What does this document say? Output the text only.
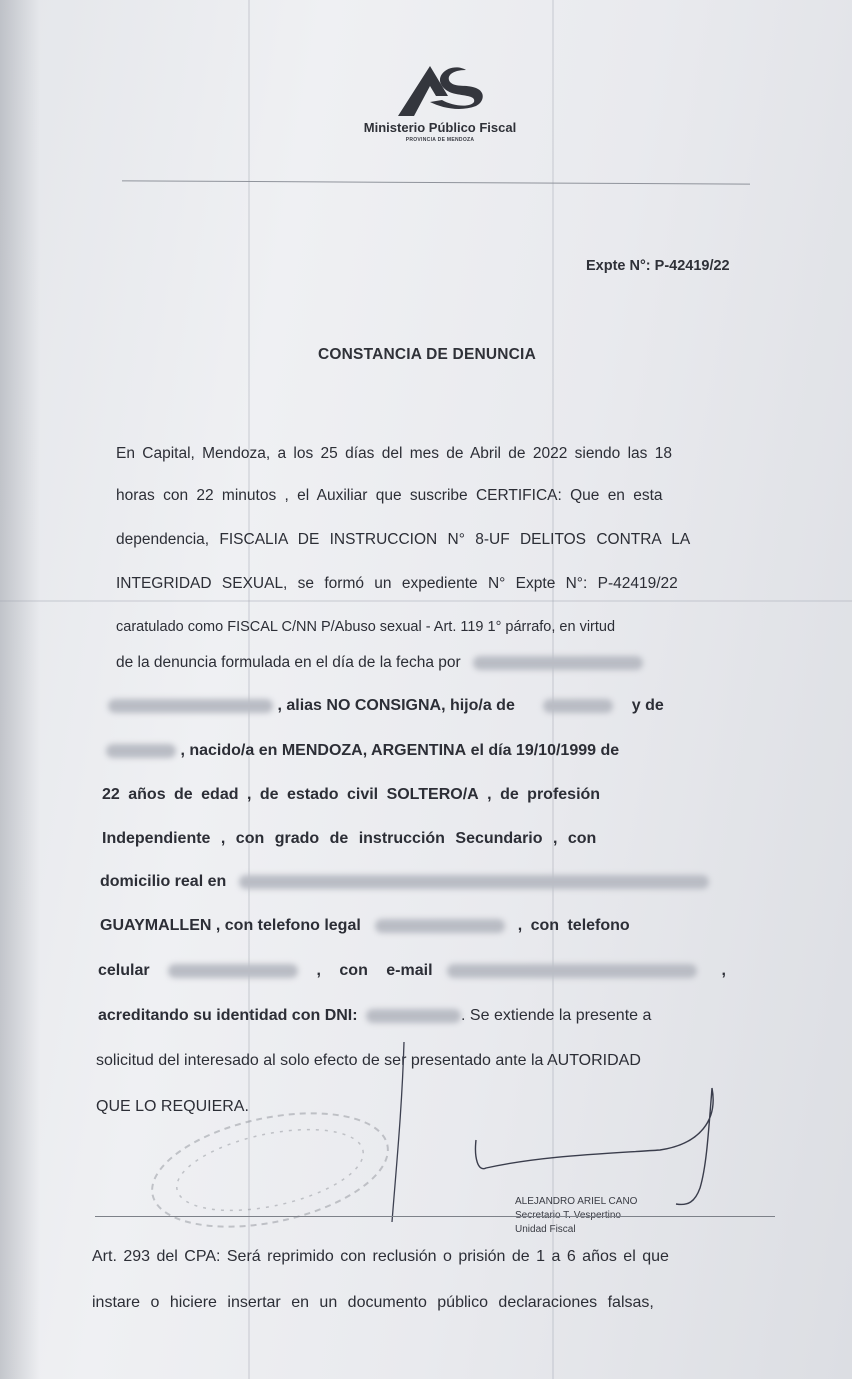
Ministerio Público Fiscal
PROVINCIA DE MENDOZA
Expte N°: P-42419/22
CONSTANCIA DE DENUNCIA
En Capital, Mendoza, a los 25 días del mes de Abril de 2022 siendo las 18
horas con 22 minutos , el Auxiliar que suscribe CERTIFICA: Que en esta
dependencia, FISCALIA DE INSTRUCCION N° 8-UF DELITOS CONTRA LA
INTEGRIDAD SEXUAL, se formó un expediente N° Expte N°: P-42419/22
caratulado como FISCAL C/NN P/Abuso sexual - Art. 119 1° párrafo, en virtud
de la denuncia formulada en el día de la fecha por
, alias NO CONSIGNA, hijo/a de	y de
, nacido/a en MENDOZA, ARGENTINA el día 19/10/1999 de
22 años de edad , de estado civil SOLTERO/A , de profesión
Independiente , con grado de instrucción Secundario , con
domicilio real en
GUAYMALLEN , con telefono legal	, con telefono
celular	, con e-mail	,
acreditando su identidad con DNI:	. Se extiende la presente a
solicitud del interesado al solo efecto de ser presentado ante la AUTORIDAD
QUE LO REQUIERA.
ALEJANDRO ARIEL CANO
Unidad Fiscal
Art. 293 del CPA: Será reprimido con reclusión o prisión de 1 a 6 años el que
instare o hiciere insertar en un documento público declaraciones falsas,
